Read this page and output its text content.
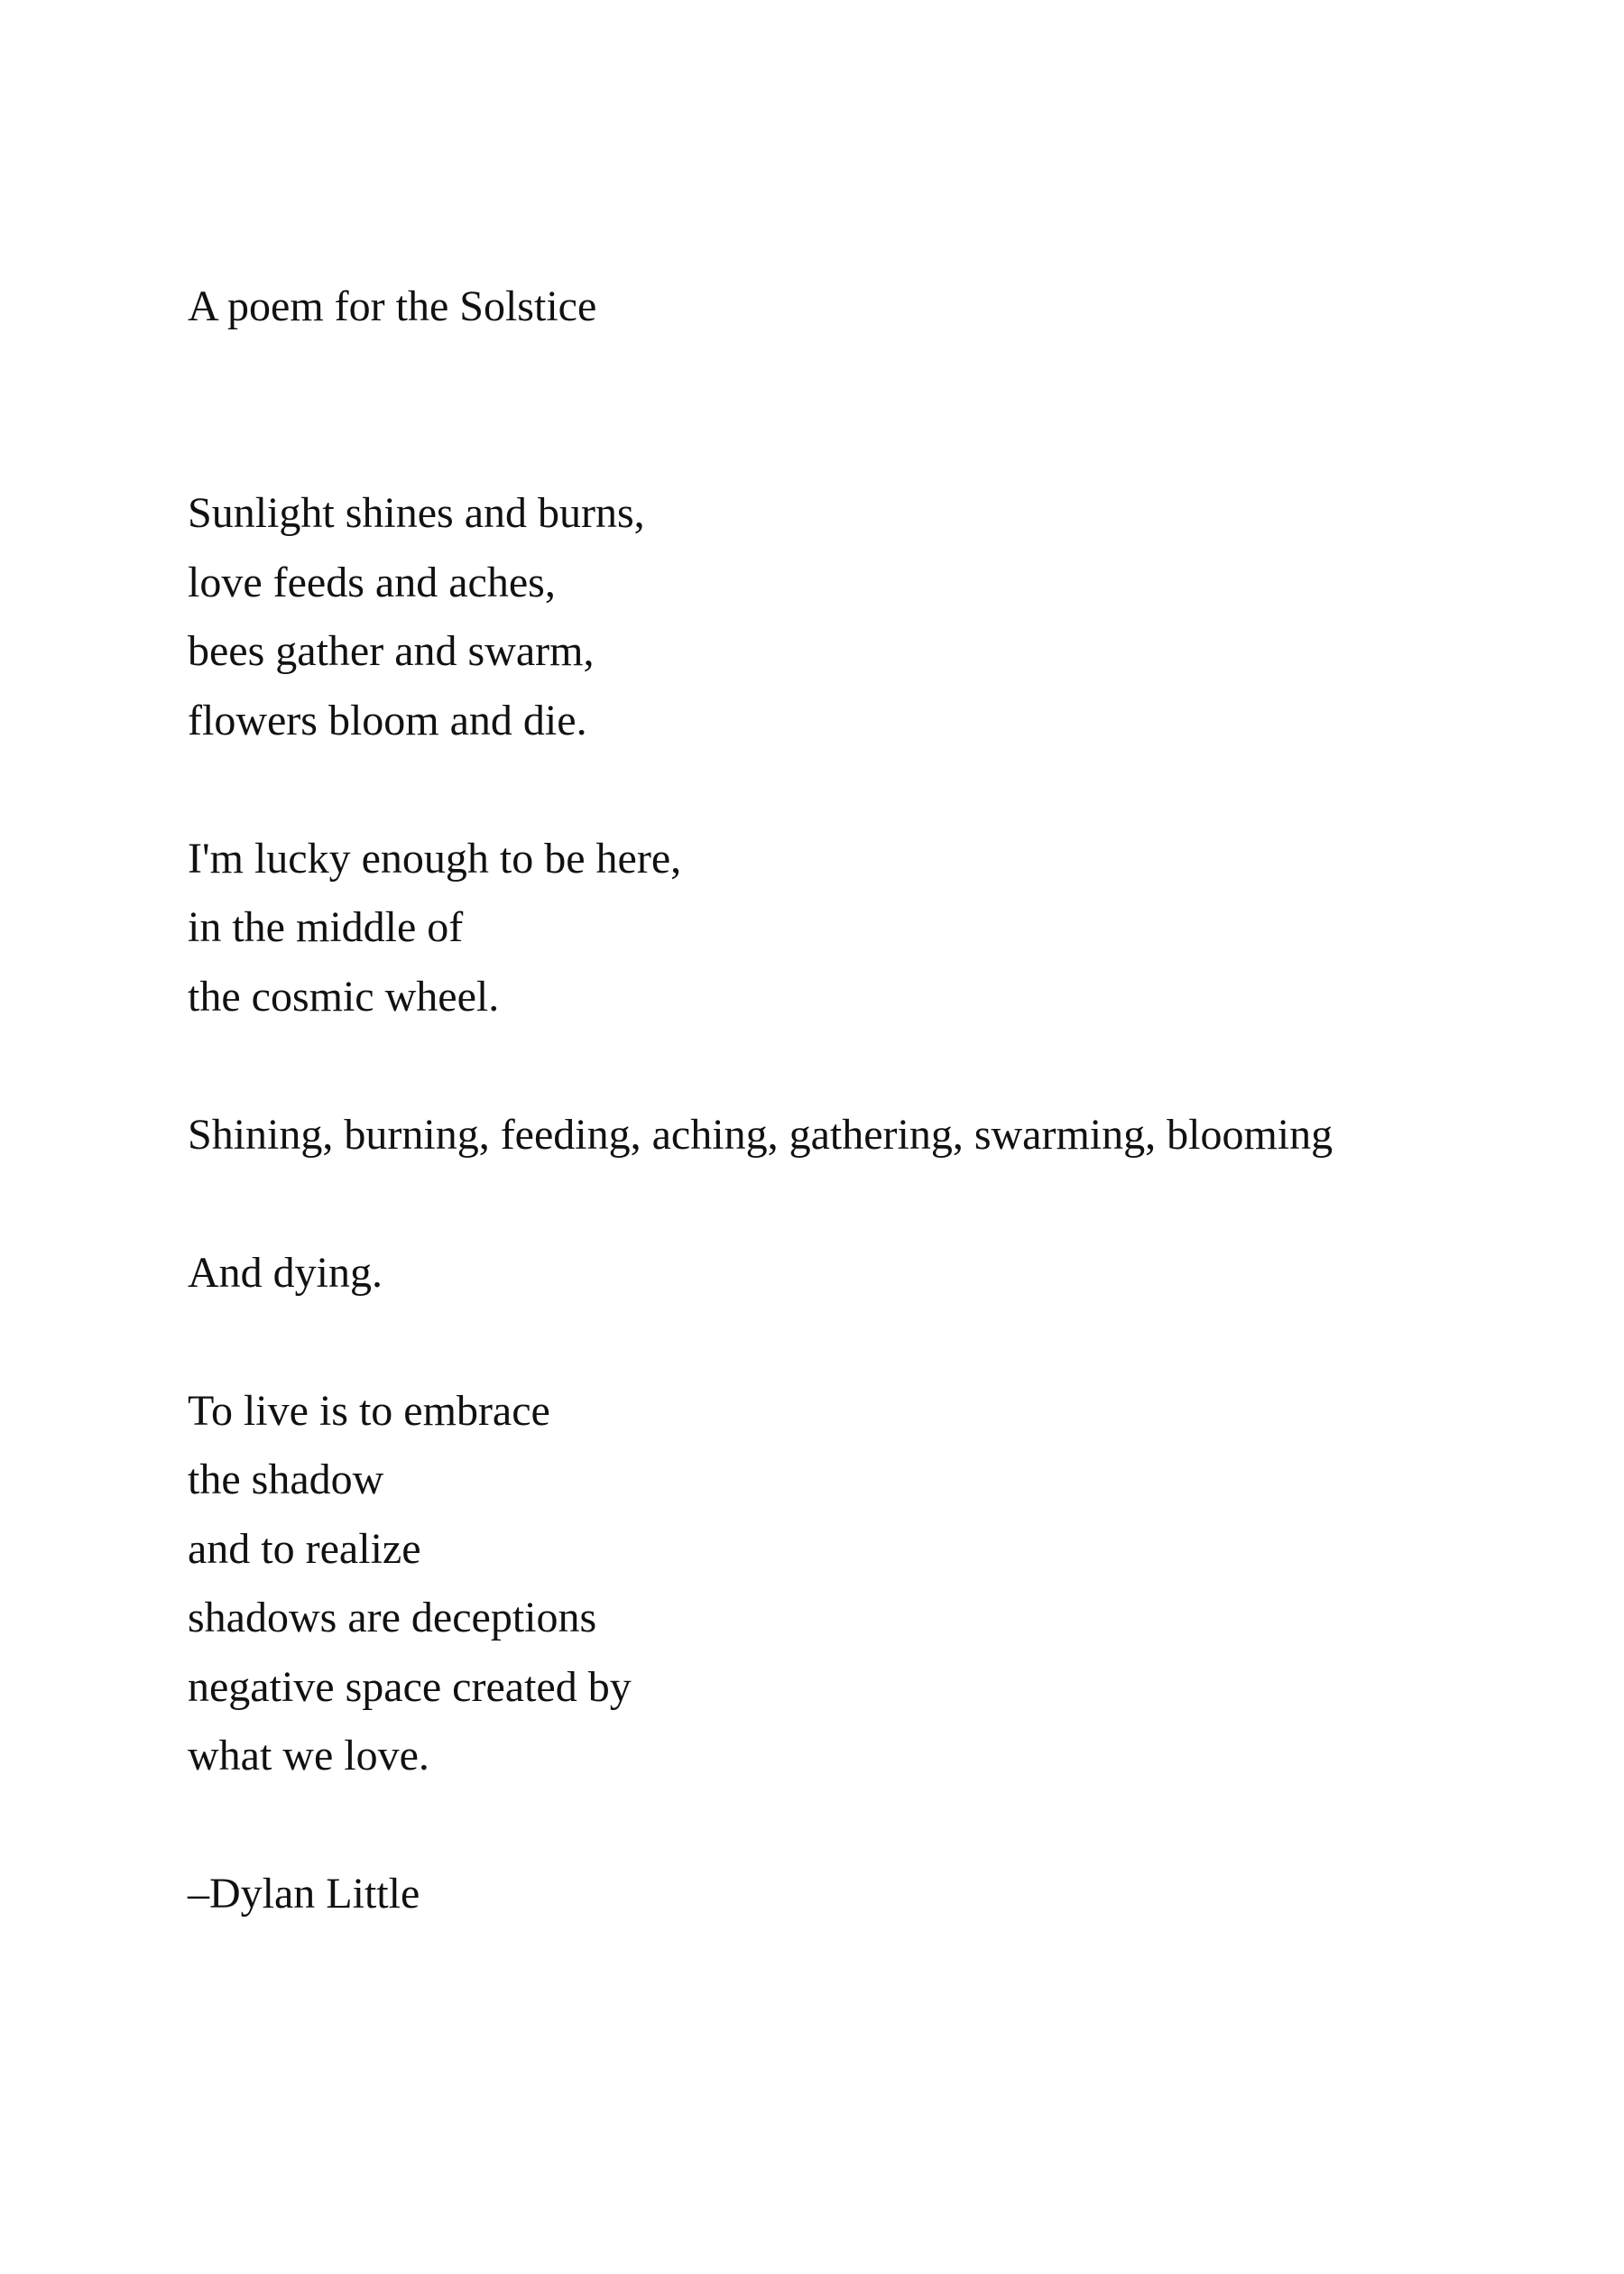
A poem for the Solstice
Sunlight shines and burns,
love feeds and aches,
bees gather and swarm,
flowers bloom and die.
I'm lucky enough to be here,
in the middle of
the cosmic wheel.
Shining, burning, feeding, aching, gathering, swarming, blooming
And dying.
To live is to embrace
the shadow
and to realize
shadows are deceptions
negative space created by
what we love.
–Dylan Little
